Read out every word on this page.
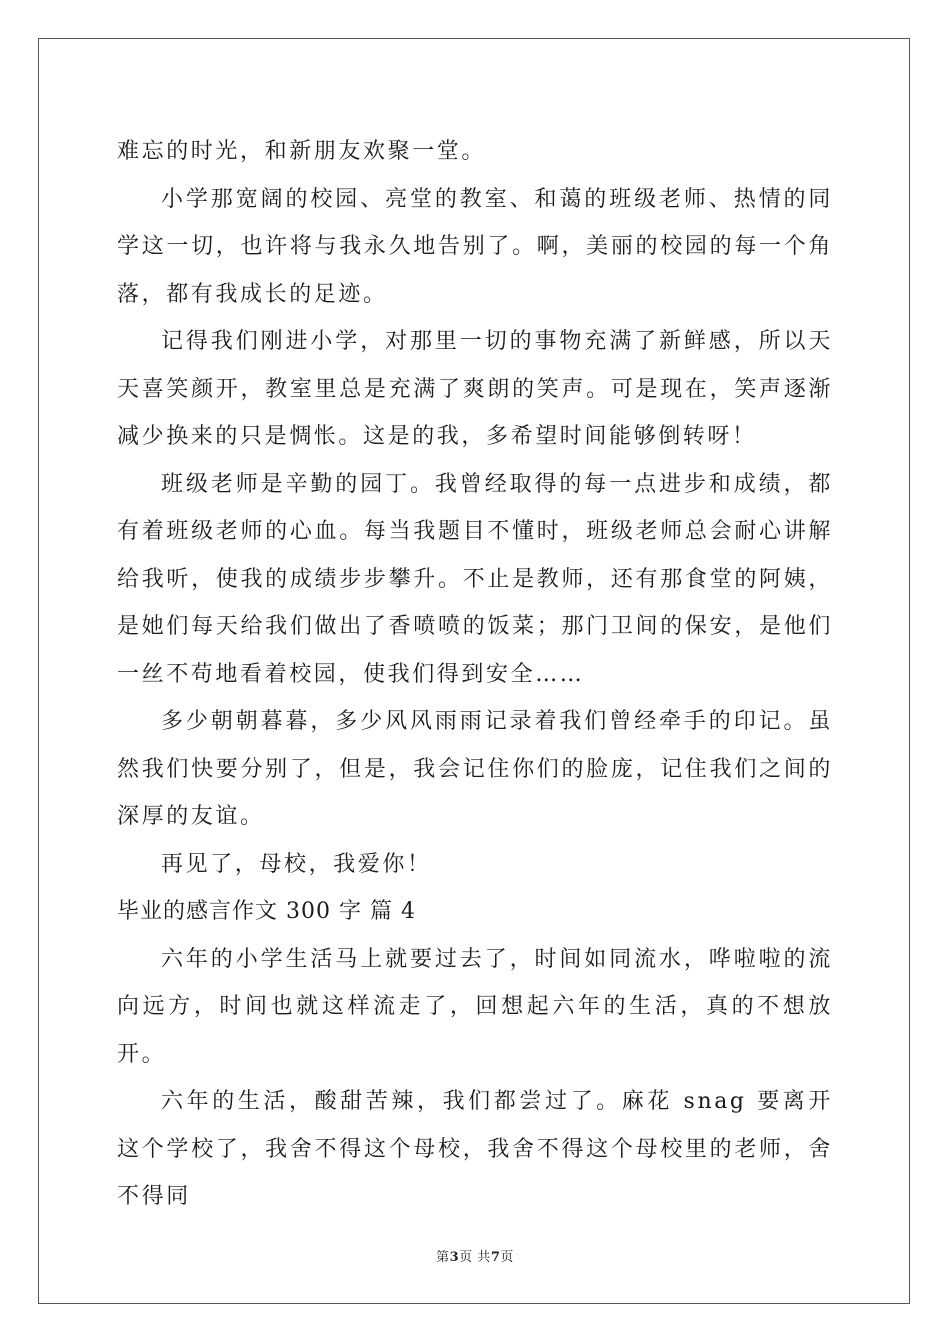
难忘的时光，和新朋友欢聚一堂。

小学那宽阔的校园、亮堂的教室、和蔼的班级老师、热情的同学这一切，也许将与我永久地告别了。啊，美丽的校园的每一个角落，都有我成长的足迹。

记得我们刚进小学，对那里一切的事物充满了新鲜感，所以天天喜笑颜开，教室里总是充满了爽朗的笑声。可是现在，笑声逐渐减少换来的只是惆怅。这是的我，多希望时间能够倒转呀！

班级老师是辛勤的园丁。我曾经取得的每一点进步和成绩，都有着班级老师的心血。每当我题目不懂时，班级老师总会耐心讲解给我听，使我的成绩步步攀升。不止是教师，还有那食堂的阿姨，是她们每天给我们做出了香喷喷的饭菜；那门卫间的保安，是他们一丝不苟地看着校园，使我们得到安全……

多少朝朝暮暮，多少风风雨雨记录着我们曾经牵手的印记。虽然我们快要分别了，但是，我会记住你们的脸庞，记住我们之间的深厚的友谊。

再见了，母校，我爱你！

毕业的感言作文 300 字 篇 4

六年的小学生活马上就要过去了，时间如同流水，哗啦啦的流向远方，时间也就这样流走了，回想起六年的生活，真的不想放开。

六年的生活，酸甜苦辣，我们都尝过了。麻花 snag 要离开这个学校了，我舍不得这个母校，我舍不得这个母校里的老师，舍不得同

第3页 共7页
